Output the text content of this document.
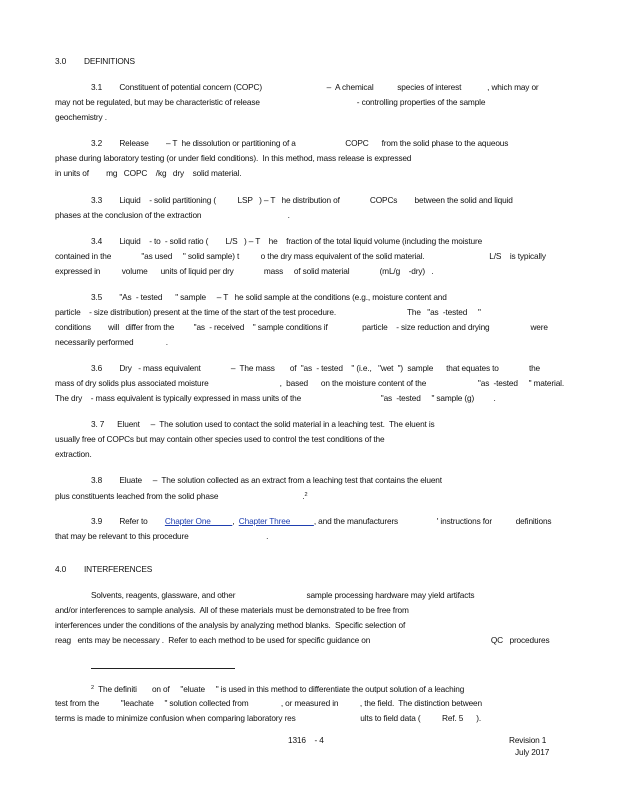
3.0 DEFINITIONS
3.1        Constituent of potential concern (COPC)                              –  A chemical           species of interest            , which may or
may not be regulated, but may be characteristic of release                                             - controlling properties of the sample
geochemistry .
3.2        Release        – T  he dissolution or partitioning of a                       COPC      from the solid phase to the aqueous
phase during laboratory testing (or under field conditions).  In this method, mass release is expressed
in units of        mg   COPC    /kg   dry    solid material.
3.3        Liquid    - solid partitioning (          LSP   ) – T   he distribution of              COPCs        between the solid and liquid
phases at the conclusion of the extraction                                        .
3.4        Liquid    - to  - solid ratio (        L/S   ) – T    he    fraction of the total liquid volume (including the moisture
contained in the              "as used     " solid sample) t          o the dry mass equivalent of the solid material.                              L/S    is typically
expressed in          volume      units of liquid per dry              mass     of solid material              (mL/g    -dry)   .
3.5        "As  - tested      " sample     – T   he solid sample at the conditions (e.g., moisture content and
particle    - size distribution) present at the time of the start of the test procedure.                                 The   "as  -tested     "
conditions        will   differ from the         "as  - received    " sample conditions if                particle    - size reduction and drying                   were
necessarily performed               .
3.6        Dry   - mass equivalent              –  The mass       of  "as  - tested    " (i.e.,   "wet  ")  sample      that equates to              the
mass of dry solids plus associated moisture                                 ,  based      on the moisture content of the                        "as  -tested     " material.
The dry    - mass equivalent is typically expressed in mass units of the                                     "as  -tested     " sample (g)         .
3. 7      Eluent     –  The solution used to contact the solid material in a leaching test.  The eluent is
usually free of COPCs but may contain other species used to control the test conditions of the
extraction.
3.8        Eluate     –  The solution collected as an extract from a leaching test that contains the eluent
plus constituents leached from the solid phase                                       .$^2$
3.9        Refer to        Chapter One          ,  Chapter Three           , and the manufacturers                  ' instructions for           definitions
that may be relevant to this procedure                                    .
4.0 INTERFERENCES
Solvents, reagents, glassware, and other                                 sample processing hardware may yield artifacts
and/or interferences to sample analysis.  All of these materials must be demonstrated to be free from
interferences under the conditions of the analysis by analyzing method blanks.  Specific selection of
reag   ents may be necessary .  Refer to each method to be used for specific guidance on                                                        QC   procedures
$^2$  The definiti       on of     "eluate     " is used in this method to differentiate the output solution of a leaching
test from the          "leachate     " solution collected from               , or measured in          , the field.  The distinction between
terms is made to minimize confusion when comparing laboratory res                              ults to field data (          Ref. 5      ).
1316    - 4	Revision 1
July 2017
